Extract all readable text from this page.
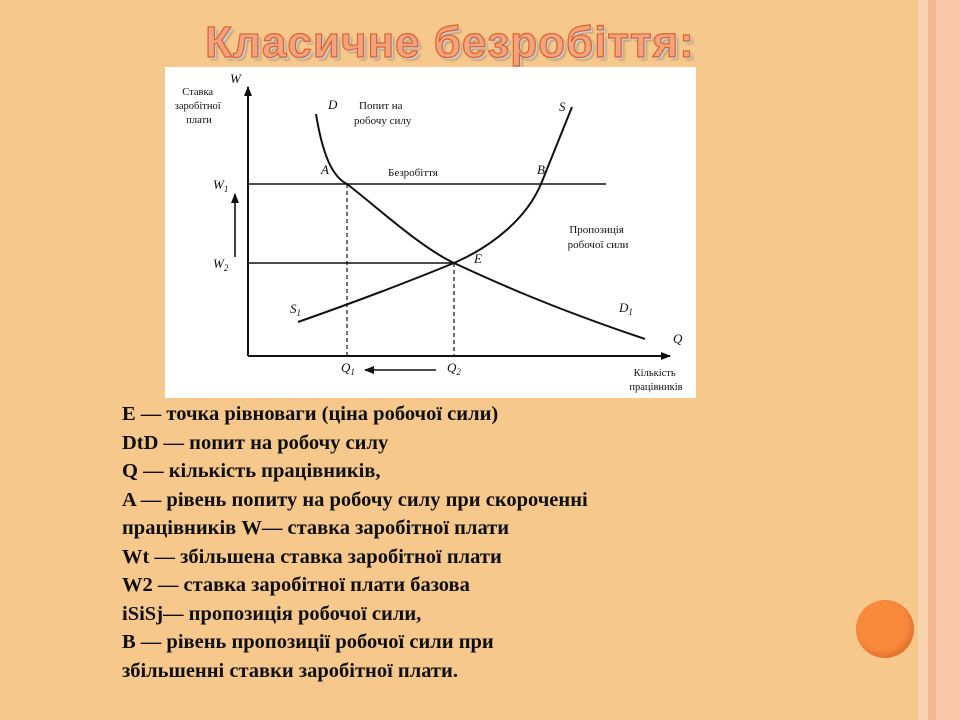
Класичне безробіття:
W
Ставка заробітної плати
$W_1$
$W_2$
$Q_1$	$Q_2$
Q
Кількість працівників
D
$D_1$
S
$S_1$
A	B
E
Попит на робочу силу
Пропозиція робочої сили
Безробіття
E — точка рівноваги (ціна робочої сили)
DtD — попит на робочу силу
Q — кількість працівників,
A — рівень попиту на робочу силу при скороченні
працівників W— ставка заробітної плати
Wt — збільшена ставка заробітної плати
W2 — ставка заробітної плати базова
iSiSj— пропозиція робочої сили,
B — рівень пропозиції робочої сили при
збільшенні ставки заробітної плати.
